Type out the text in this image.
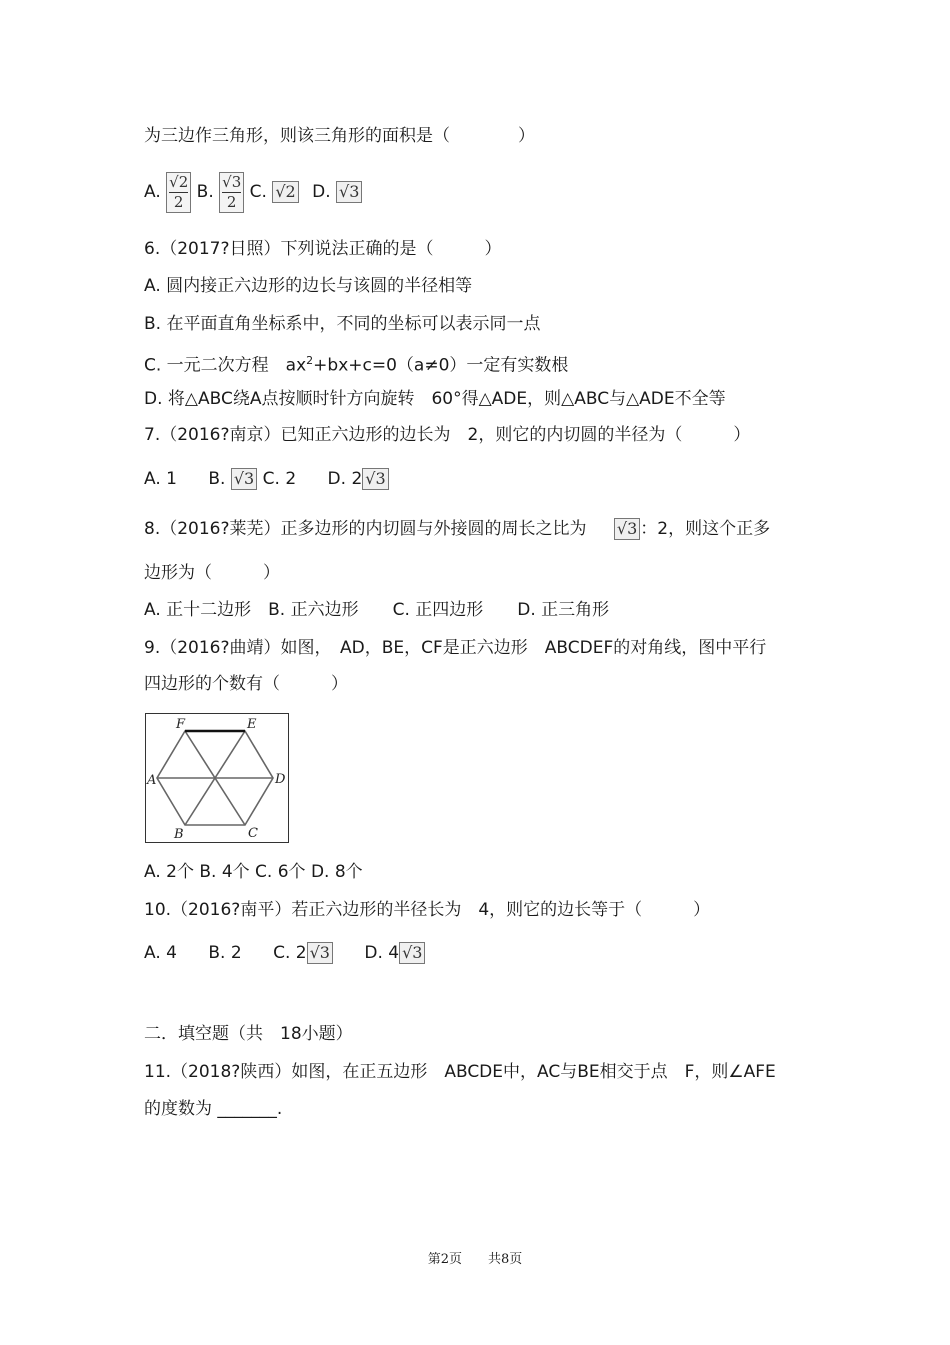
为三边作三角形，则该三角形的面积是（　　　　）
A. $\frac{√2}{2} B$. $\frac{√3}{2} C$. √2 D. √3
6.（2017?日照）下列说法正确的是（　　　）
A. 圆内接正六边形的边长与该圆的半径相等
B. 在平面直角坐标系中，不同的坐标可以表示同一点
C. 一元二次方程　$ax^2+bx+c=0(a\ne 0)$一定有实数根
D. 将△ABC绕A点按顺时针方向旋转　60°得△ADE，则△ABC与△ADE不全等
7.（2016?南京）已知正六边形的边长为　2，则它的内切圆的半径为（　　　）
A. 1 B. √3 C. 2 D. 2 √3
8.（2016?莱芜）正多边形的内切圆与外接圆的周长之比为 √3 ：2，则这个正多
边形为（　　　）
A. 正十二边形　B. 正六边形　　C. 正四边形　　D. 正三角形
9.（2016?曲靖）如图，　AD，BE，CF是正六边形　ABCDEF的对角线，图中平行
四边形的个数有（　　　）
F	E
A	D
B	C
A. 2个 B. 4个 C. 6个 D. 8个
10.（2016?南平）若正六边形的半径长为　4，则它的边长等于（　　　）
A. 4 B. 2 C. 2 √3 D. 4 √3
二．填空题（共　18小题）
11.（2018?陕西）如图，在正五边形　ABCDE中，AC与BE相交于点　F，则∠AFE
的度数为 _______.
第2页　　共8页
